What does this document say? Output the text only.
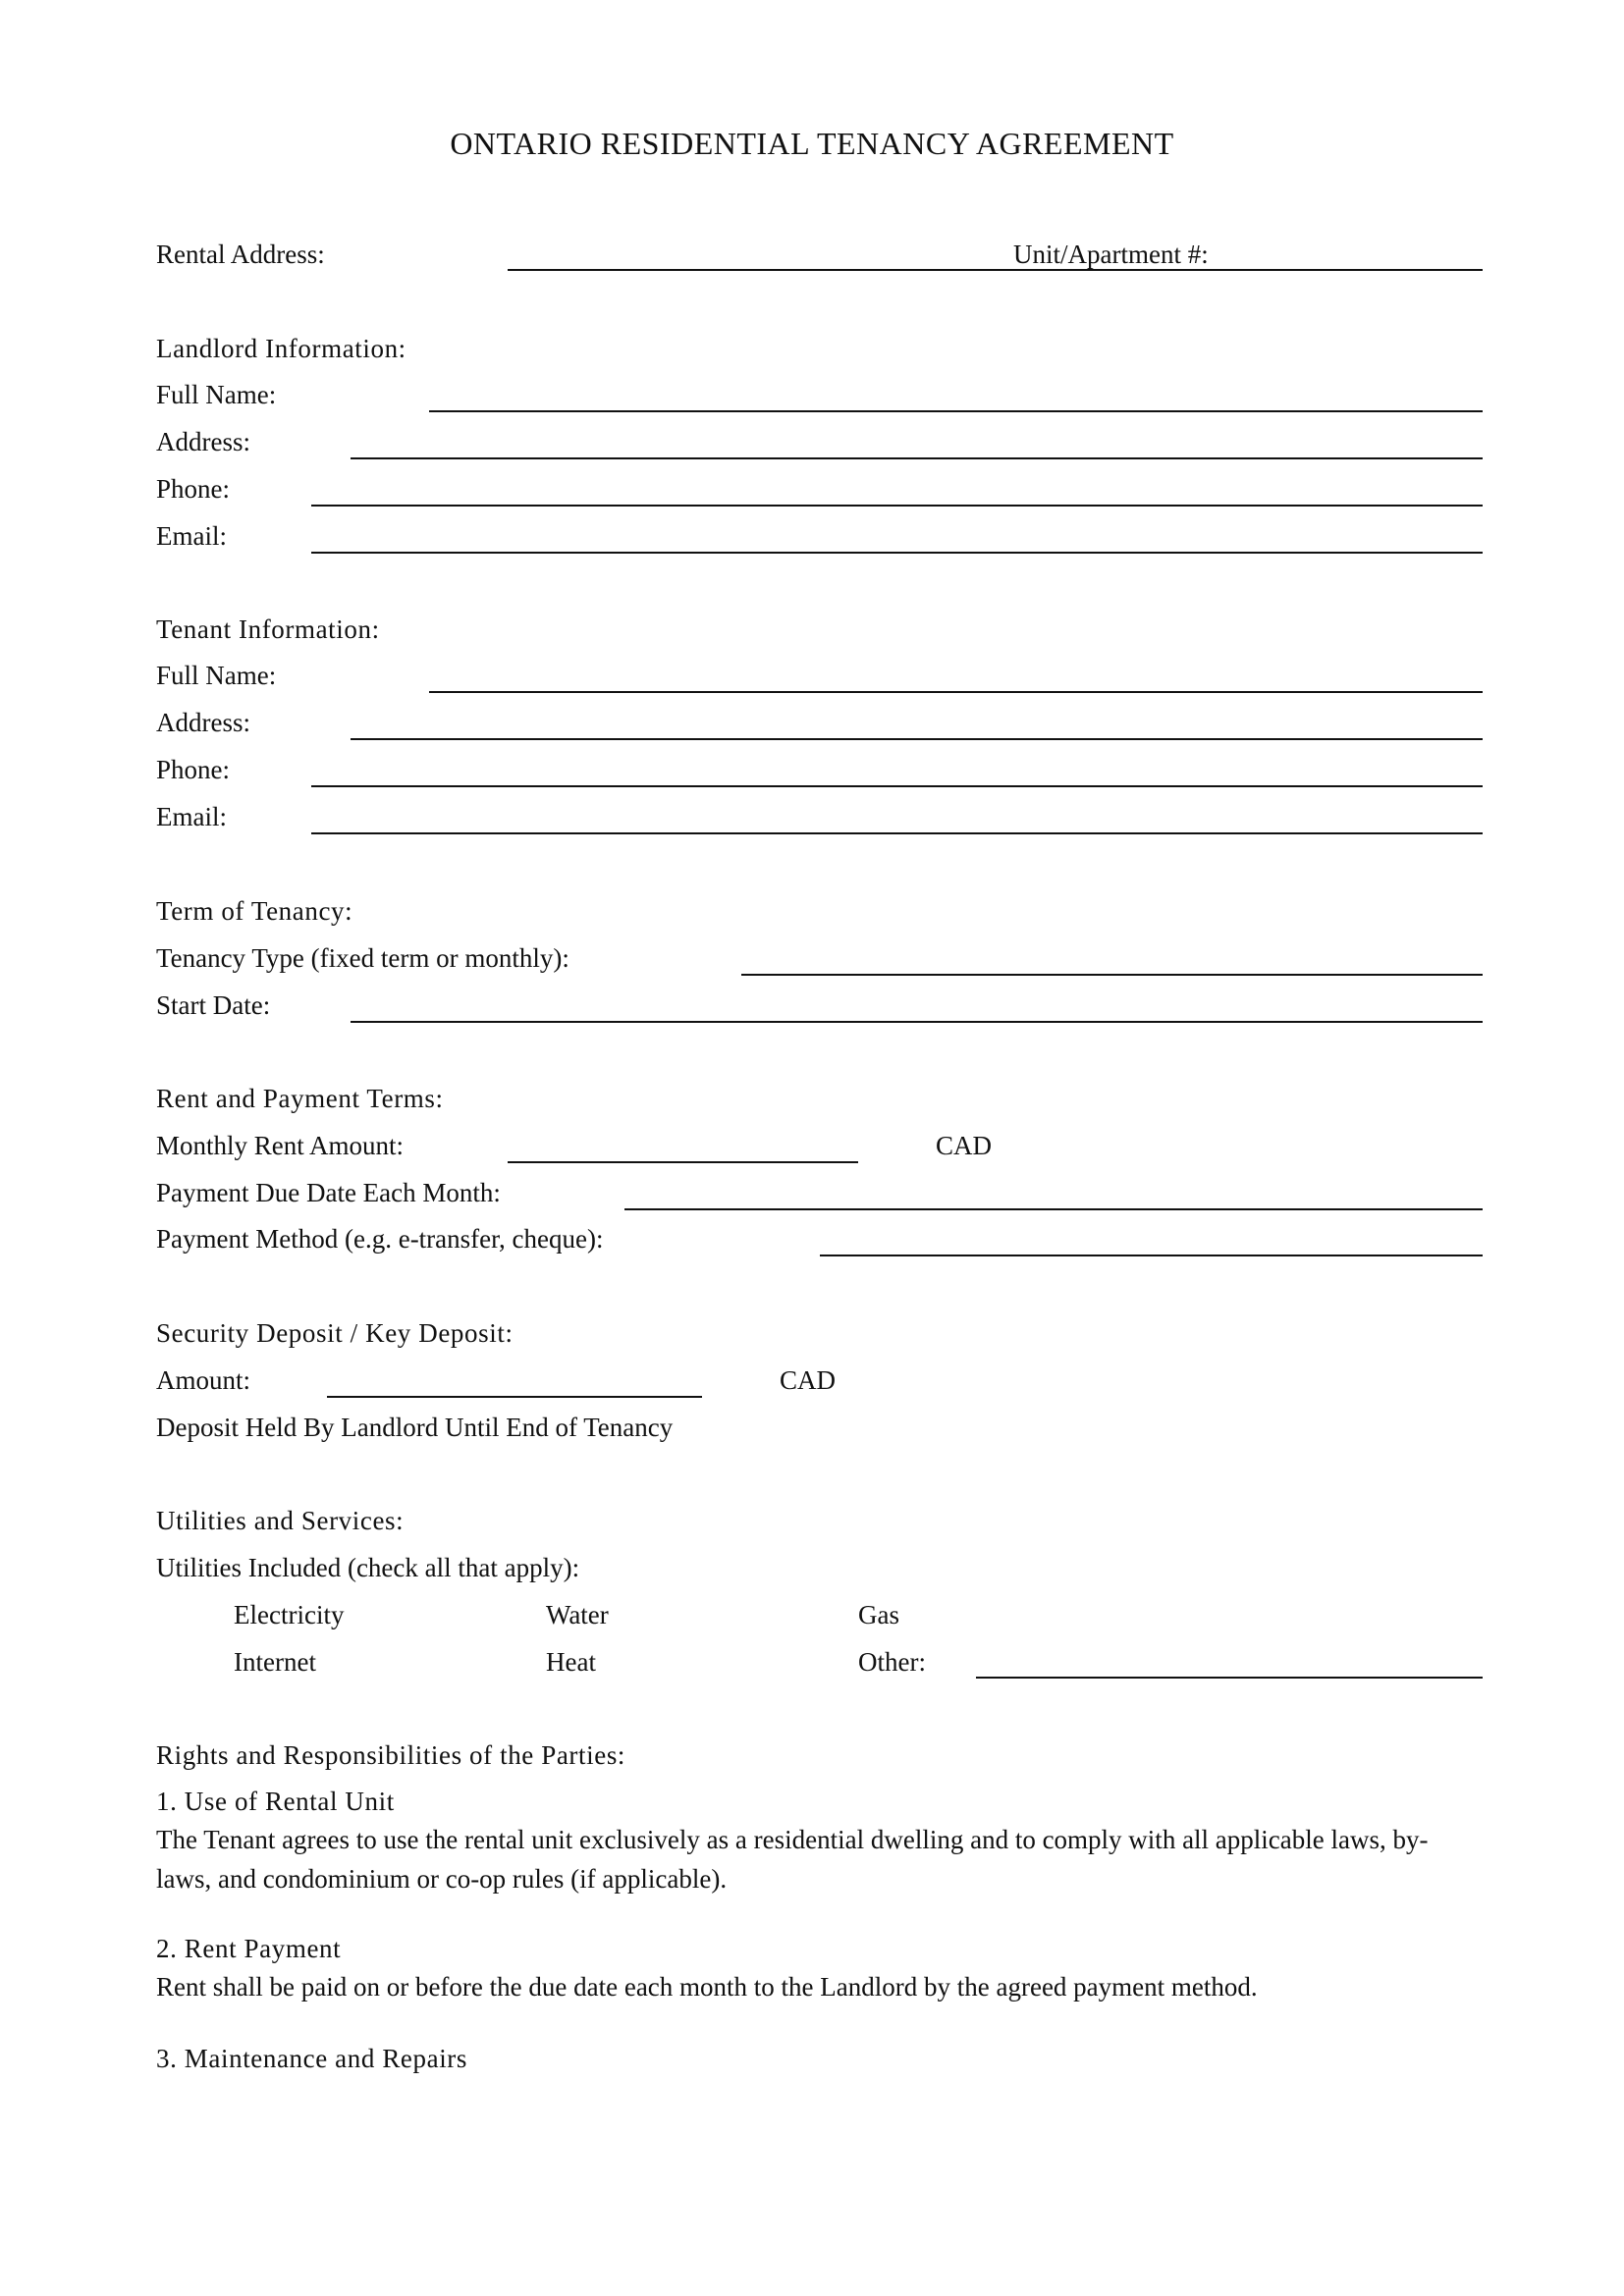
ONTARIO RESIDENTIAL TENANCY AGREEMENT
Rental Address:	Unit/Apartment #:
Landlord Information:
Full Name:
Address:
Phone:
Email:
Tenant Information:
Full Name:
Address:
Phone:
Email:
Term of Tenancy:
Tenancy Type (fixed term or monthly):
Start Date:
Rent and Payment Terms:
Monthly Rent Amount:	CAD
Payment Due Date Each Month:
Payment Method (e.g. e-transfer, cheque):
Security Deposit / Key Deposit:
Amount:	CAD
Deposit Held By Landlord Until End of Tenancy
Utilities and Services:
Utilities Included (check all that apply):
Electricity	Water	Gas
Internet	Heat	Other:
Rights and Responsibilities of the Parties:
1. Use of Rental Unit
The Tenant agrees to use the rental unit exclusively as a residential dwelling and to comply with all applicable laws, by-laws, and condominium or co-op rules (if applicable).
2. Rent Payment
Rent shall be paid on or before the due date each month to the Landlord by the agreed payment method.
3. Maintenance and Repairs
